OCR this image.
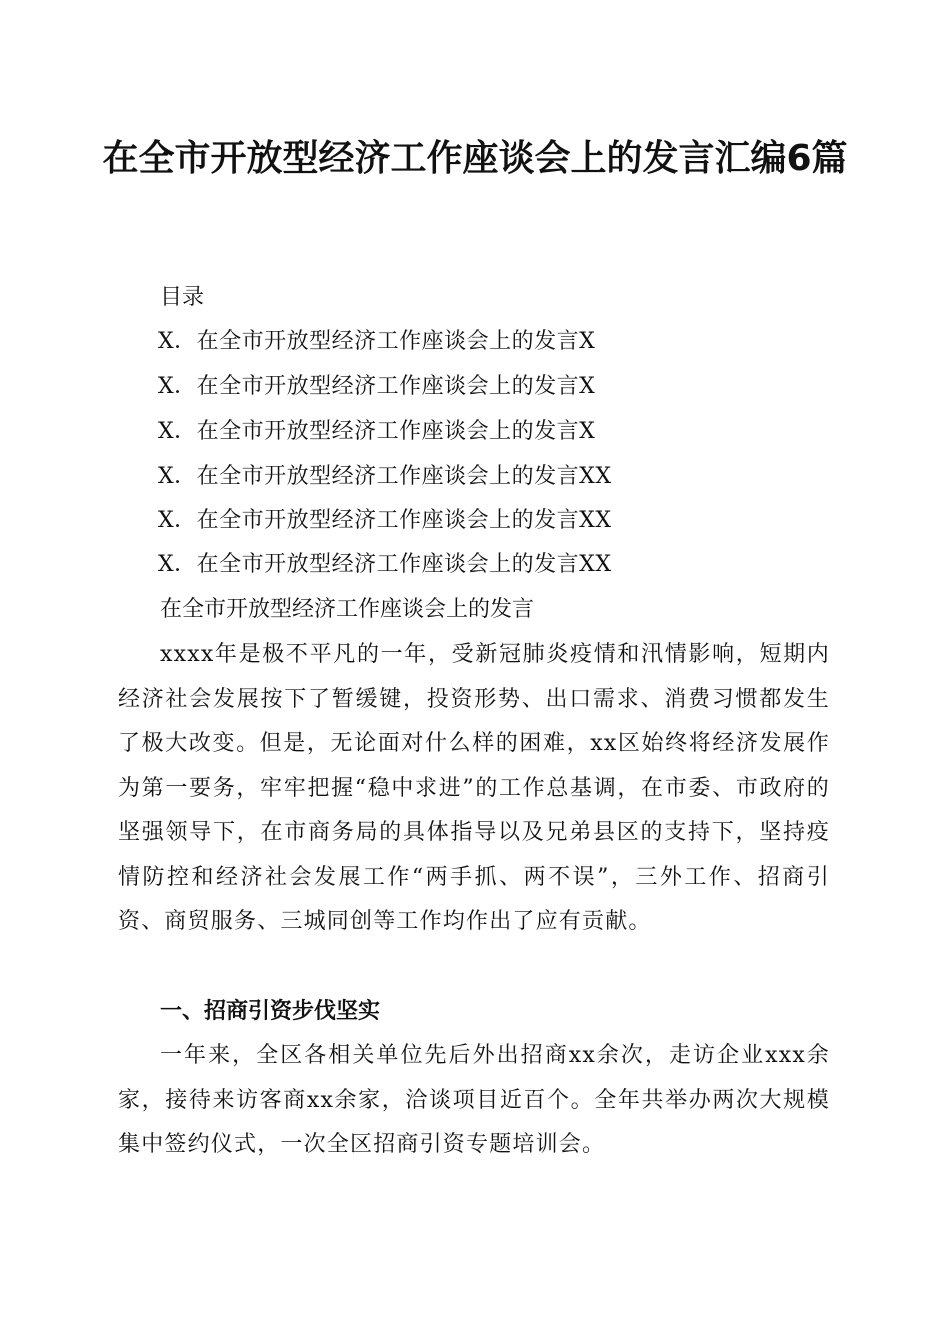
在全市开放型经济工作座谈会上的发言汇编6篇

目录

X．在全市开放型经济工作座谈会上的发言X

X．在全市开放型经济工作座谈会上的发言X

X．在全市开放型经济工作座谈会上的发言X

X．在全市开放型经济工作座谈会上的发言XX

X．在全市开放型经济工作座谈会上的发言XX

X．在全市开放型经济工作座谈会上的发言XX

在全市开放型经济工作座谈会上的发言

xxxx年是极不平凡的一年，受新冠肺炎疫情和汛情影响，短期内经济社会发展按下了暂缓键，投资形势、出口需求、消费习惯都发生了极大改变。但是，无论面对什么样的困难，xx区始终将经济发展作为第一要务，牢牢把握“稳中求进”的工作总基调，在市委、市政府的坚强领导下，在市商务局的具体指导以及兄弟县区的支持下，坚持疫情防控和经济社会发展工作“两手抓、两不误”，三外工作、招商引资、商贸服务、三城同创等工作均作出了应有贡献。

一、招商引资步伐坚实

一年来，全区各相关单位先后外出招商xx余次，走访企业xxx余家，接待来访客商xx余家，洽谈项目近百个。全年共举办两次大规模集中签约仪式，一次全区招商引资专题培训会。
